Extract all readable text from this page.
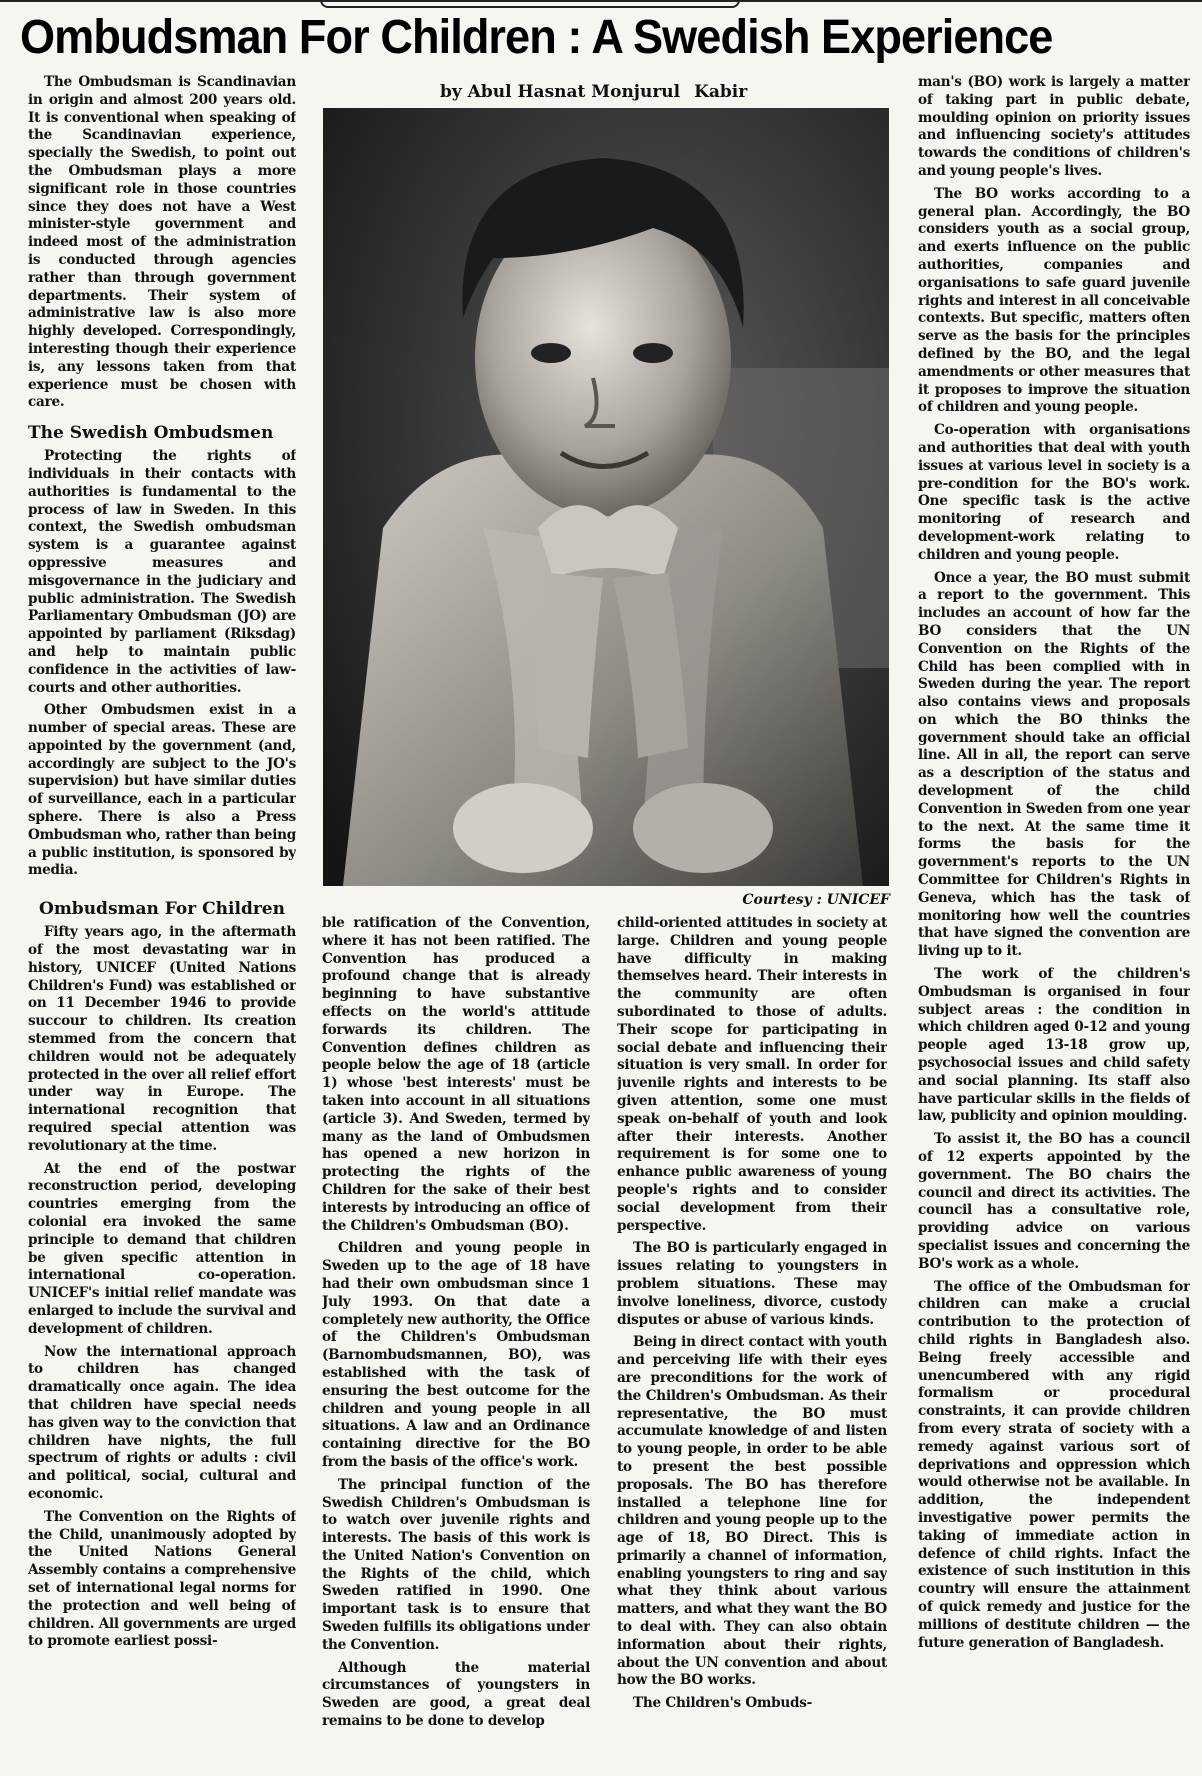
Ombudsman For Children : A Swedish Experience
by Abul Hasnat Monjurul Kabir

The Ombudsman is Scandinavian in origin and almost 200 years old. It is conventional when speaking of the Scandinavian experience, specially the Swedish, to point out the Ombudsman plays a more significant role in those countries since they does not have a West minister-style government and indeed most of the administration is conducted through agencies rather than through government departments. Their system of administrative law is also more highly developed. Correspondingly, interesting though their experience is, any lessons taken from that experience must be chosen with care.

The Swedish Ombudsmen

Protecting the rights of individuals in their contacts with authorities is fundamental to the process of law in Sweden. In this context, the Swedish ombudsman system is a guarantee against oppressive measures and misgovernance in the judiciary and public administration. The Swedish Parliamentary Ombudsman (JO) are appointed by parliament (Riksdag) and help to maintain public confidence in the activities of law-courts and other authorities.

Other Ombudsmen exist in a number of special areas. These are appointed by the government (and, accordingly are subject to the JO's supervision) but have similar duties of surveillance, each in a particular sphere. There is also a Press Ombudsman who, rather than being a public institution, is sponsored by media.

Ombudsman For Children

Fifty years ago, in the aftermath of the most devastating war in history, UNICEF (United Nations Children's Fund) was established or on 11 December 1946 to provide succour to children. Its creation stemmed from the concern that children would not be adequately protected in the over all relief effort under way in Europe. The international recognition that required special attention was revolutionary at the time.

At the end of the postwar reconstruction period, developing countries emerging from the colonial era invoked the same principle to demand that children be given specific attention in international co-operation. UNICEF's initial relief mandate was enlarged to include the survival and development of children.

Now the international approach to children has changed dramatically once again. The idea that children have special needs has given way to the conviction that children have nights, the full spectrum of rights or adults : civil and political, social, cultural and economic.

The Convention on the Rights of the Child, unanimously adopted by the United Nations General Assembly contains a comprehensive set of international legal norms for the protection and well being of children. All governments are urged to promote earliest possi-

Courtesy : UNICEF

ble ratification of the Convention, where it has not been ratified. The Convention has produced a profound change that is already beginning to have substantive effects on the world's attitude forwards its children. The Convention defines children as people below the age of 18 (article 1) whose 'best interests' must be taken into account in all situations (article 3). And Sweden, termed by many as the land of Ombudsmen has opened a new horizon in protecting the rights of the Children for the sake of their best interests by introducing an office of the Children's Ombudsman (BO).

Children and young people in Sweden up to the age of 18 have had their own ombudsman since 1 July 1993. On that date a completely new authority, the Office of the Children's Ombudsman (Barnombudsmannen, BO), was established with the task of ensuring the best outcome for the children and young people in all situations. A law and an Ordinance containing directive for the BO from the basis of the office's work.

The principal function of the Swedish Children's Ombudsman is to watch over juvenile rights and interests. The basis of this work is the United Nation's Convention on the Rights of the child, which Sweden ratified in 1990. One important task is to ensure that Sweden fulfills its obligations under the Convention.

Although the material circumstances of youngsters in Sweden are good, a great deal remains to be done to develop

child-oriented attitudes in society at large. Children and young people have difficulty in making themselves heard. Their interests in the community are often subordinated to those of adults. Their scope for participating in social debate and influencing their situation is very small. In order for juvenile rights and interests to be given attention, some one must speak on-behalf of youth and look after their interests. Another requirement is for some one to enhance public awareness of young people's rights and to consider social development from their perspective.

The BO is particularly engaged in issues relating to youngsters in problem situations. These may involve loneliness, divorce, custody disputes or abuse of various kinds.

Being in direct contact with youth and perceiving life with their eyes are preconditions for the work of the Children's Ombudsman. As their representative, the BO must accumulate knowledge of and listen to young people, in order to be able to present the best possible proposals. The BO has therefore installed a telephone line for children and young people up to the age of 18, BO Direct. This is primarily a channel of information, enabling youngsters to ring and say what they think about various matters, and what they want the BO to deal with. They can also obtain information about their rights, about the UN convention and about how the BO works.

The Children's Ombuds-

man's (BO) work is largely a matter of taking part in public debate, moulding opinion on priority issues and influencing society's attitudes towards the conditions of children's and young people's lives.

The BO works according to a general plan. Accordingly, the BO considers youth as a social group, and exerts influence on the public authorities, companies and organisations to safe guard juvenile rights and interest in all conceivable contexts. But specific, matters often serve as the basis for the principles defined by the BO, and the legal amendments or other measures that it proposes to improve the situation of children and young people.

Co-operation with organisations and authorities that deal with youth issues at various level in society is a pre-condition for the BO's work. One specific task is the active monitoring of research and development-work relating to children and young people.

Once a year, the BO must submit a report to the government. This includes an account of how far the BO considers that the UN Convention on the Rights of the Child has been complied with in Sweden during the year. The report also contains views and proposals on which the BO thinks the government should take an official line. All in all, the report can serve as a description of the status and development of the child Convention in Sweden from one year to the next. At the same time it forms the basis for the government's reports to the UN Committee for Children's Rights in Geneva, which has the task of monitoring how well the countries that have signed the convention are living up to it.

The work of the children's Ombudsman is organised in four subject areas : the condition in which children aged 0-12 and young people aged 13-18 grow up, psychosocial issues and child safety and social planning. Its staff also have particular skills in the fields of law, publicity and opinion moulding.

To assist it, the BO has a council of 12 experts appointed by the government. The BO chairs the council and direct its activities. The council has a consultative role, providing advice on various specialist issues and concerning the BO's work as a whole.

The office of the Ombudsman for children can make a crucial contribution to the protection of child rights in Bangladesh also. Being freely accessible and unencumbered with any rigid formalism or procedural constraints, it can provide children from every strata of society with a remedy against various sort of deprivations and oppression which would otherwise not be available. In addition, the independent investigative power permits the taking of immediate action in defence of child rights. Infact the existence of such institution in this country will ensure the attainment of quick remedy and justice for the millions of destitute children — the future generation of Bangladesh.
